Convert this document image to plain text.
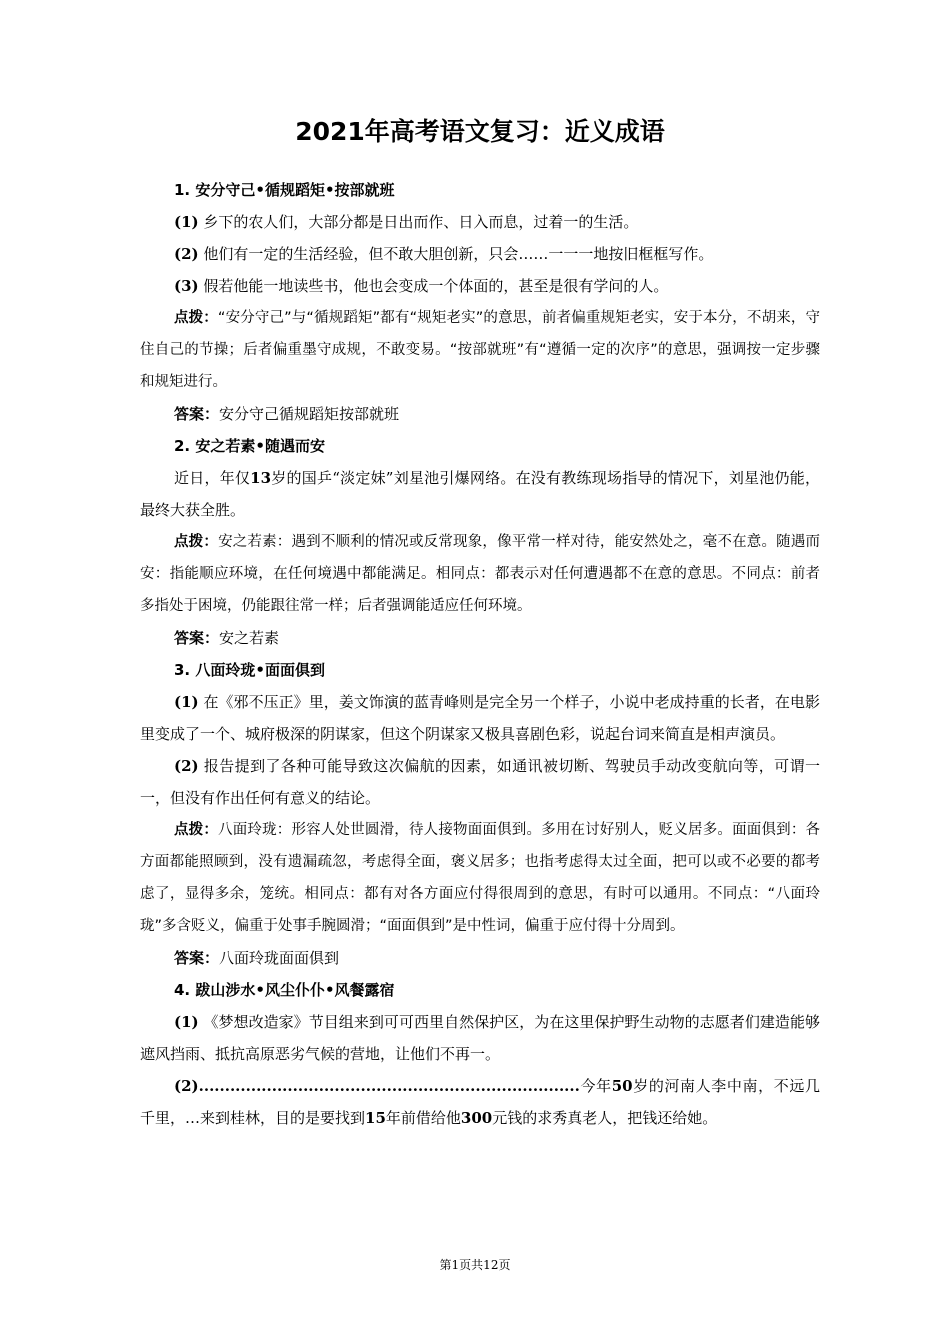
2021年高考语文复习：近义成语

1. 安分守己•循规蹈矩•按部就班

(1) 乡下的农人们，大部分都是日出而作、日入而息，过着一的生活。

(2) 他们有一定的生活经验，但不敢大胆创新，只会……一一一地按旧框框写作。

(3) 假若他能一地读些书，他也会变成一个体面的，甚至是很有学问的人。

点拨：“安分守己”与“循规蹈矩”都有“规矩老实”的意思，前者偏重规矩老实，安于本分，不胡来，守住自己的节操；后者偏重墨守成规，不敢变易。“按部就班”有“遵循一定的次序”的意思，强调按一定步骤和规矩进行。

答案：安分守己循规蹈矩按部就班

2. 安之若素•随遇而安

近日，年仅13岁的国乒“淡定妹”刘星池引爆网络。在没有教练现场指导的情况下，刘星池仍能，最终大获全胜。

点拨：安之若素：遇到不顺利的情况或反常现象，像平常一样对待，能安然处之，毫不在意。随遇而安：指能顺应环境，在任何境遇中都能满足。相同点：都表示对任何遭遇都不在意的意思。不同点：前者多指处于困境，仍能跟往常一样；后者强调能适应任何环境。

答案：安之若素

3. 八面玲珑•面面俱到

(1) 在《邪不压正》里，姜文饰演的蓝青峰则是完全另一个样子，小说中老成持重的长者，在电影里变成了一个、城府极深的阴谋家，但这个阴谋家又极具喜剧色彩，说起台词来简直是相声演员。

(2) 报告提到了各种可能导致这次偏航的因素，如通讯被切断、驾驶员手动改变航向等，可谓一一，但没有作出任何有意义的结论。

点拨：八面玲珑：形容人处世圆滑，待人接物面面俱到。多用在讨好别人，贬义居多。面面俱到：各方面都能照顾到，没有遗漏疏忽，考虑得全面，褒义居多；也指考虑得太过全面，把可以或不必要的都考虑了，显得多余，笼统。相同点：都有对各方面应付得很周到的意思，有时可以通用。不同点：“八面玲珑”多含贬义，偏重于处事手腕圆滑；“面面俱到”是中性词，偏重于应付得十分周到。

答案：八面玲珑面面俱到

4. 跋山涉水•风尘仆仆•风餐露宿

(1) 《梦想改造家》节目组来到可可西里自然保护区，为在这里保护野生动物的志愿者们建造能够遮风挡雨、抵抗高原恶劣气候的营地，让他们不再一。

(2).........................................................................今年50岁的河南人李中南，不远几千里，…来到桂林，目的是要找到15年前借给他300元钱的求秀真老人，把钱还给她。

第1页共12页
